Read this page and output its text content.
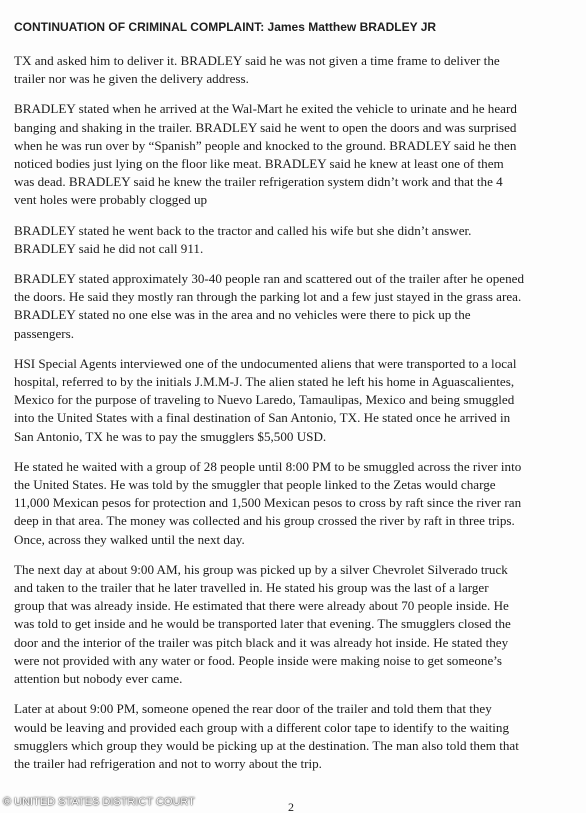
CONTINUATION OF CRIMINAL COMPLAINT: James Matthew BRADLEY JR

TX and asked him to deliver it. BRADLEY said he was not given a time frame to deliver the
trailer nor was he given the delivery address.

BRADLEY stated when he arrived at the Wal-Mart he exited the vehicle to urinate and he heard
banging and shaking in the trailer. BRADLEY said he went to open the doors and was surprised
when he was run over by “Spanish” people and knocked to the ground. BRADLEY said he then
noticed bodies just lying on the floor like meat. BRADLEY said he knew at least one of them
was dead. BRADLEY said he knew the trailer refrigeration system didn’t work and that the 4
vent holes were probably clogged up

BRADLEY stated he went back to the tractor and called his wife but she didn’t answer.
BRADLEY said he did not call 911.

BRADLEY stated approximately 30-40 people ran and scattered out of the trailer after he opened
the doors. He said they mostly ran through the parking lot and a few just stayed in the grass area.
BRADLEY stated no one else was in the area and no vehicles were there to pick up the
passengers.

HSI Special Agents interviewed one of the undocumented aliens that were transported to a local
hospital, referred to by the initials J.M.M-J. The alien stated he left his home in Aguascalientes,
Mexico for the purpose of traveling to Nuevo Laredo, Tamaulipas, Mexico and being smuggled
into the United States with a final destination of San Antonio, TX. He stated once he arrived in
San Antonio, TX he was to pay the smugglers $5,500 USD.

He stated he waited with a group of 28 people until 8:00 PM to be smuggled across the river into
the United States. He was told by the smuggler that people linked to the Zetas would charge
11,000 Mexican pesos for protection and 1,500 Mexican pesos to cross by raft since the river ran
deep in that area. The money was collected and his group crossed the river by raft in three trips.
Once, across they walked until the next day.

The next day at about 9:00 AM, his group was picked up by a silver Chevrolet Silverado truck
and taken to the trailer that he later travelled in. He stated his group was the last of a larger
group that was already inside. He estimated that there were already about 70 people inside. He
was told to get inside and he would be transported later that evening. The smugglers closed the
door and the interior of the trailer was pitch black and it was already hot inside. He stated they
were not provided with any water or food. People inside were making noise to get someone’s
attention but nobody ever came.

Later at about 9:00 PM, someone opened the rear door of the trailer and told them that they
would be leaving and provided each group with a different color tape to identify to the waiting
smugglers which group they would be picking up at the destination. The man also told them that
the trailer had refrigeration and not to worry about the trip.

2
© UNITED STATES DISTRICT COURT
